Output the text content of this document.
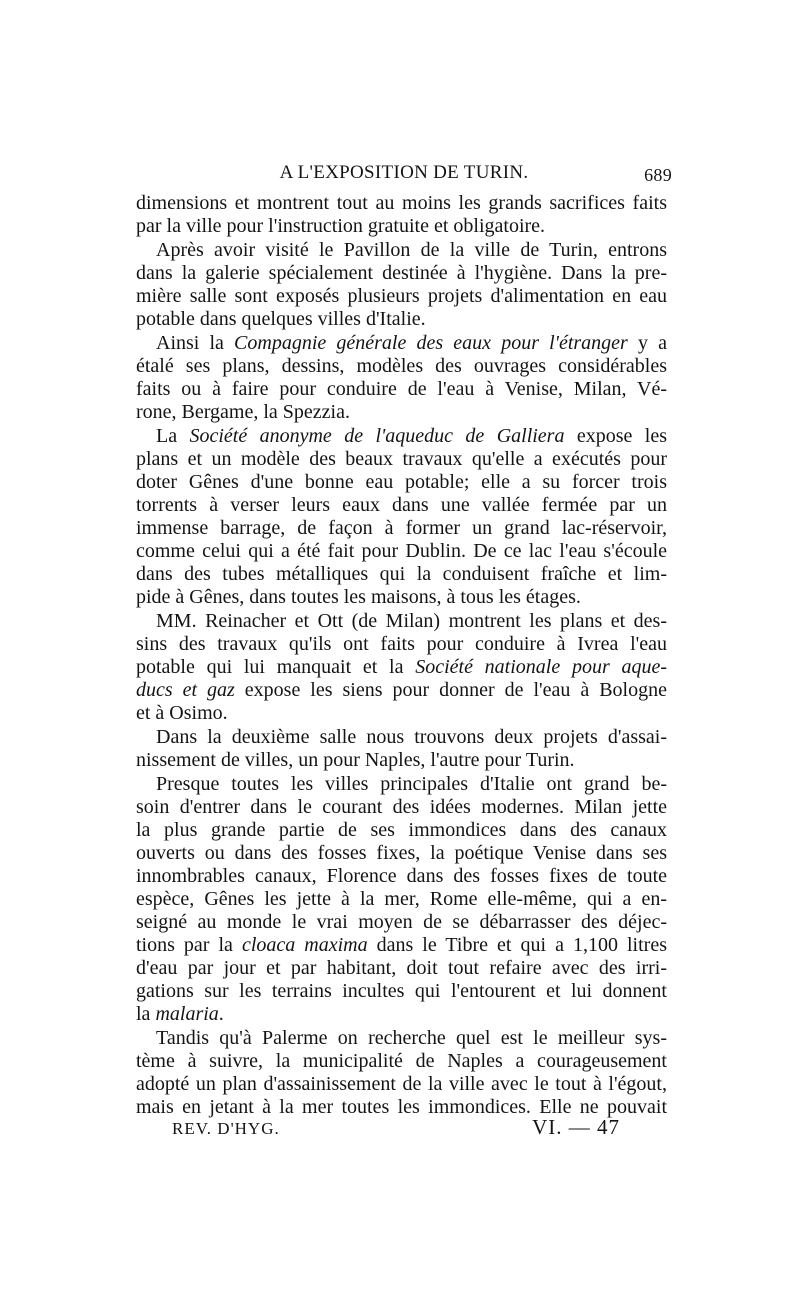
A L'EXPOSITION DE TURIN.	689

dimensions et montrent tout au moins les grands sacrifices faits
par la ville pour l'instruction gratuite et obligatoire.

Après avoir visité le Pavillon de la ville de Turin, entrons
dans la galerie spécialement destinée à l'hygiène. Dans la pre-
mière salle sont exposés plusieurs projets d'alimentation en eau
potable dans quelques villes d'Italie.

Ainsi la Compagnie générale des eaux pour l'étranger y a
étalé ses plans, dessins, modèles des ouvrages considérables
faits ou à faire pour conduire de l'eau à Venise, Milan, Vé-
rone, Bergame, la Spezzia.

La Société anonyme de l'aqueduc de Galliera expose les
plans et un modèle des beaux travaux qu'elle a exécutés pour
doter Gênes d'une bonne eau potable; elle a su forcer trois
torrents à verser leurs eaux dans une vallée fermée par un
immense barrage, de façon à former un grand lac-réservoir,
comme celui qui a été fait pour Dublin. De ce lac l'eau s'écoule
dans des tubes métalliques qui la conduisent fraîche et lim-
pide à Gênes, dans toutes les maisons, à tous les étages.

MM. Reinacher et Ott (de Milan) montrent les plans et des-
sins des travaux qu'ils ont faits pour conduire à Ivrea l'eau
potable qui lui manquait et la Société nationale pour aque-
ducs et gaz expose les siens pour donner de l'eau à Bologne
et à Osimo.

Dans la deuxième salle nous trouvons deux projets d'assai-
nissement de villes, un pour Naples, l'autre pour Turin.

Presque toutes les villes principales d'Italie ont grand be-
soin d'entrer dans le courant des idées modernes. Milan jette
la plus grande partie de ses immondices dans des canaux
ouverts ou dans des fosses fixes, la poétique Venise dans ses
innombrables canaux, Florence dans des fosses fixes de toute
espèce, Gênes les jette à la mer, Rome elle-même, qui a en-
seigné au monde le vrai moyen de se débarrasser des déjec-
tions par la cloaca maxima dans le Tibre et qui a 1,100 litres
d'eau par jour et par habitant, doit tout refaire avec des irri-
gations sur les terrains incultes qui l'entourent et lui donnent
la malaria.

Tandis qu'à Palerme on recherche quel est le meilleur sys-
tème à suivre, la municipalité de Naples a courageusement
adopté un plan d'assainissement de la ville avec le tout à l'égout,
mais en jetant à la mer toutes les immondices. Elle ne pouvait

REV. D'HYG.	VI. — 47
